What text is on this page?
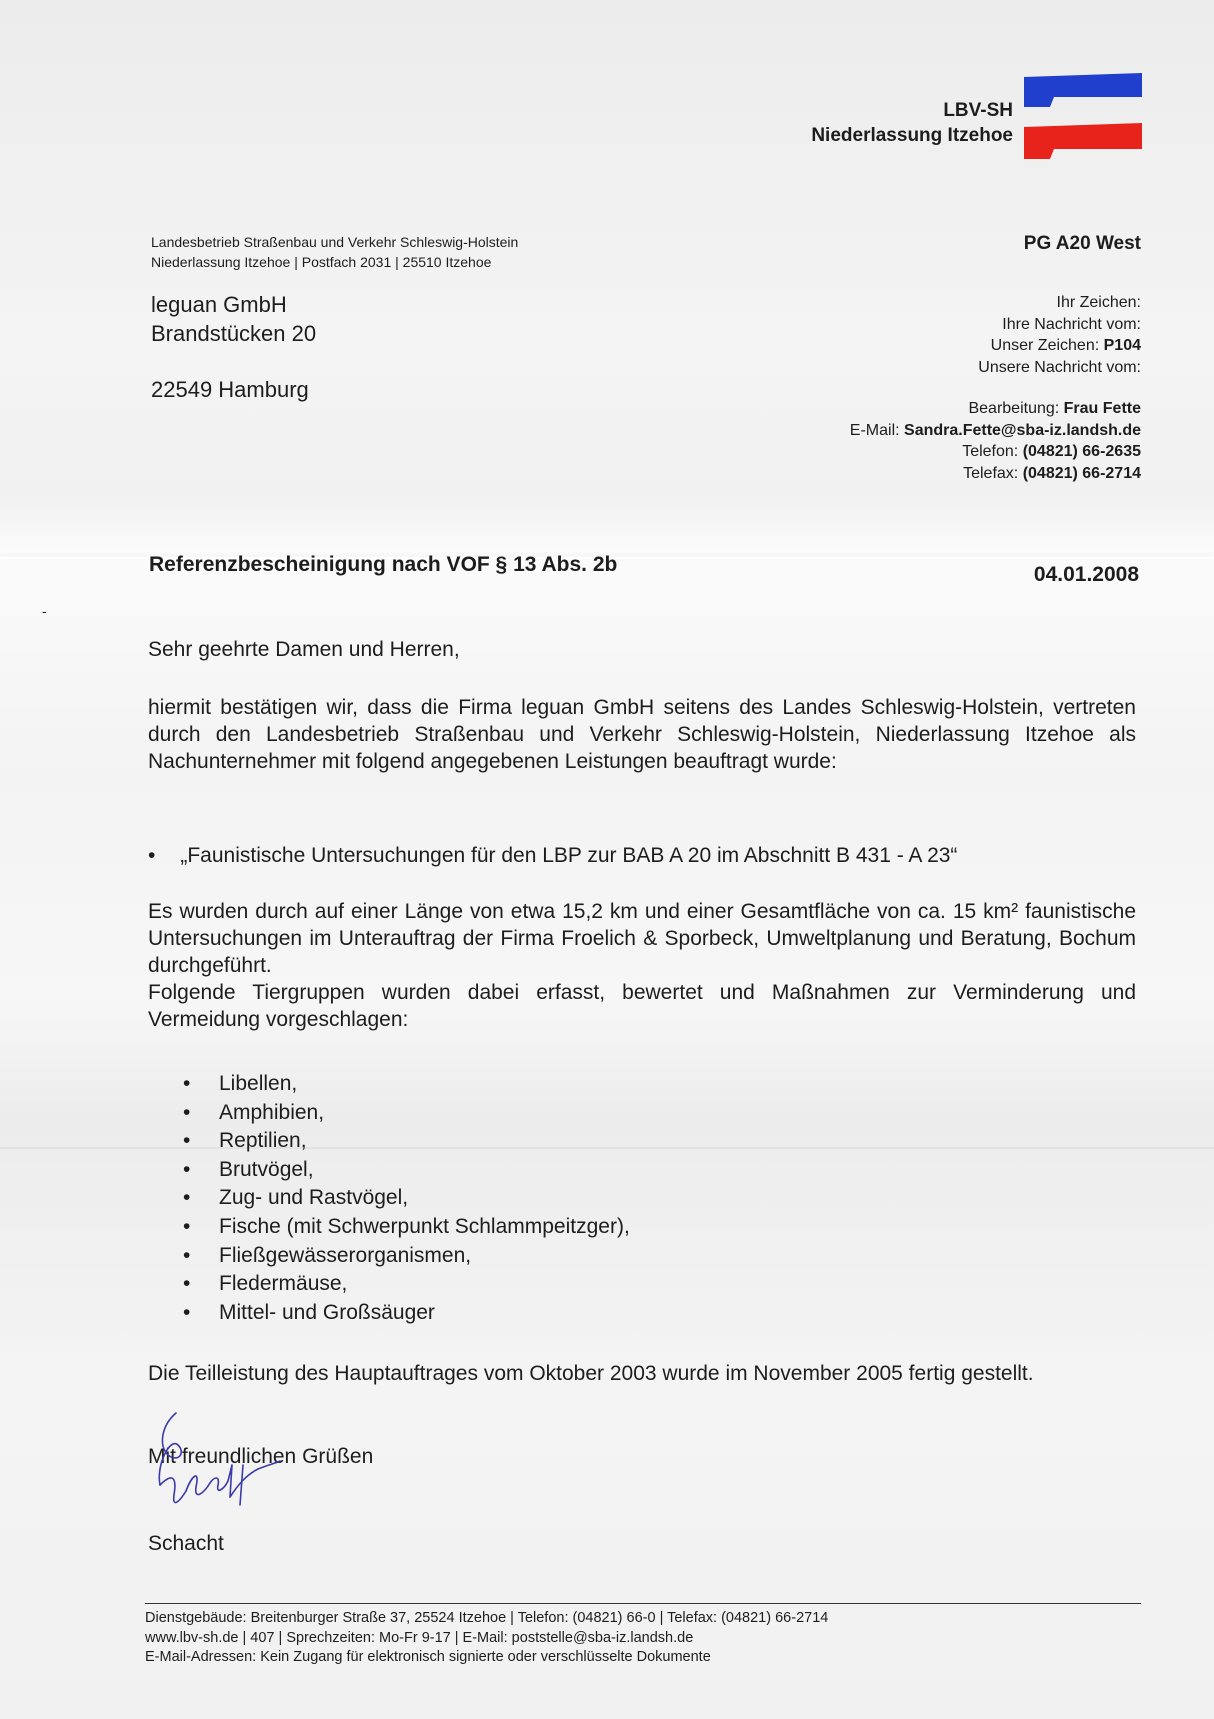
LBV-SH
Niederlassung Itzehoe
Landesbetrieb Straßenbau und Verkehr Schleswig-Holstein
Niederlassung Itzehoe | Postfach 2031 | 25510 Itzehoe
leguan GmbH
Brandstücken 20
22549 Hamburg
PG A20 West
Ihr Zeichen:
Ihre Nachricht vom:
Unser Zeichen: P104
Unsere Nachricht vom:
Bearbeitung: Frau Fette
E-Mail: Sandra.Fette@sba-iz.landsh.de
Telefon: (04821) 66-2635
Telefax: (04821) 66-2714
Referenzbescheinigung nach VOF § 13 Abs. 2b	04.01.2008
-
Sehr geehrte Damen und Herren,
hiermit bestätigen wir, dass die Firma leguan GmbH seitens des Landes Schleswig-Holstein, vertreten durch den Landesbetrieb Straßenbau und Verkehr Schleswig-Holstein, Niederlassung Itzehoe als Nachunternehmer mit folgend angegebenen Leistungen beauftragt wurde:
• „Faunistische Untersuchungen für den LBP zur BAB A 20 im Abschnitt B 431 - A 23“

Es wurden durch auf einer Länge von etwa 15,2 km und einer Gesamtfläche von ca. 15 km² faunistische Untersuchungen im Unterauftrag der Firma Froelich & Sporbeck, Umweltplanung und Beratung, Bochum durchgeführt.

Folgende Tiergruppen wurden dabei erfasst, bewertet und Maßnahmen zur Verminderung und Vermeidung vorgeschlagen:

•	Libellen,
•	Amphibien,
•	Reptilien,
•	Brutvögel,
•	Zug- und Rastvögel,
•	Fische (mit Schwerpunkt Schlammpeitzger),
•	Fließgewässerorganismen,
•	Fledermäuse,
•	Mittel- und Großsäuger
Die Teilleistung des Hauptauftrages vom Oktober 2003 wurde im November 2005 fertig gestellt.
Mit freundlichen Grüßen
Schacht
Dienstgebäude: Breitenburger Straße 37, 25524 Itzehoe | Telefon: (04821) 66-0 | Telefax: (04821) 66-2714
www.lbv-sh.de | 407 | Sprechzeiten: Mo-Fr 9-17 | E-Mail: poststelle@sba-iz.landsh.de
E-Mail-Adressen: Kein Zugang für elektronisch signierte oder verschlüsselte Dokumente
